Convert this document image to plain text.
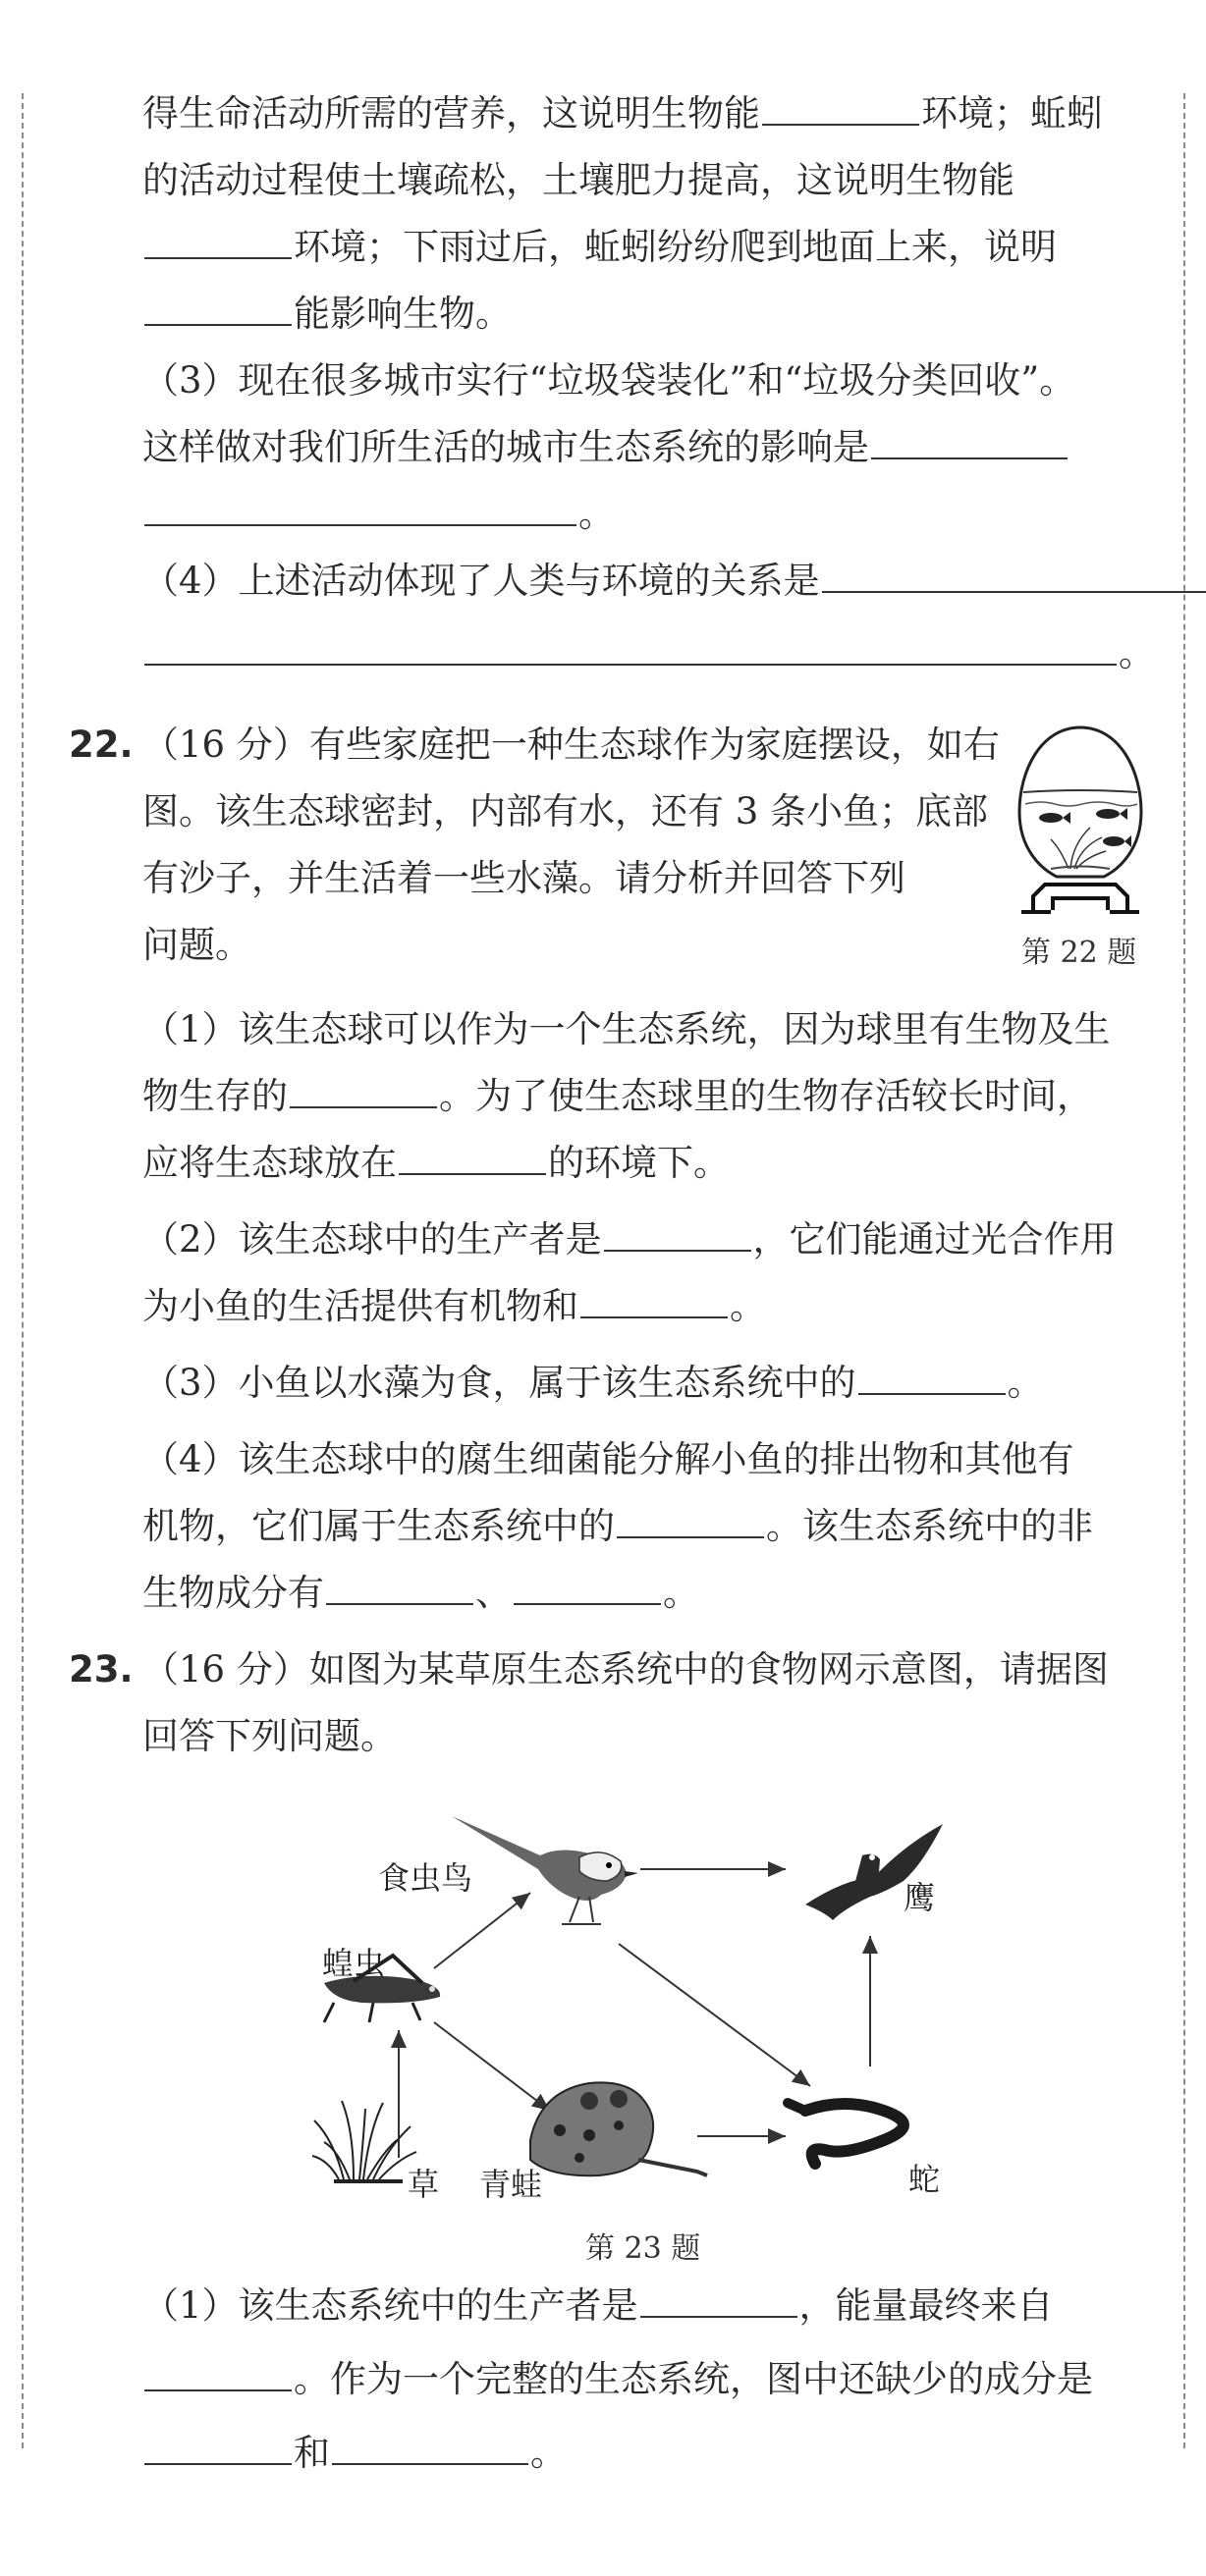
得生命活动所需的营养，这说明生物能	环境；蚯蚓
的活动过程使土壤疏松，土壤肥力提高，这说明生物能
环境；下雨过后，蚯蚓纷纷爬到地面上来，说明
能影响生物。
（3）现在很多城市实行“垃圾袋装化”和“垃圾分类回收”。
这样做对我们所生活的城市生态系统的影响是
。
（4）上述活动体现了人类与环境的关系是
。
22. （16 分）有些家庭把一种生态球作为家庭摆设，如右
图。该生态球密封，内部有水，还有 3 条小鱼；底部
有沙子，并生活着一些水藻。请分析并回答下列
问题。	第 22 题
（1）该生态球可以作为一个生态系统，因为球里有生物及生
物生存的	。为了使生态球里的生物存活较长时间，
应将生态球放在	的环境下。
（2）该生态球中的生产者是	，它们能通过光合作用
为小鱼的生活提供有机物和	。
（3）小鱼以水藻为食，属于该生态系统中的	。
（4）该生态球中的腐生细菌能分解小鱼的排出物和其他有
机物，它们属于生态系统中的	。该生态系统中的非
生物成分有	、	。
23. （16 分）如图为某草原生态系统中的食物网示意图，请据图
回答下列问题。
食虫鸟
鹰
蝗虫
草 青蛙	蛇
第 23 题
（1）该生态系统中的生产者是	，能量最终来自
。作为一个完整的生态系统，图中还缺少的成分是
和	。
